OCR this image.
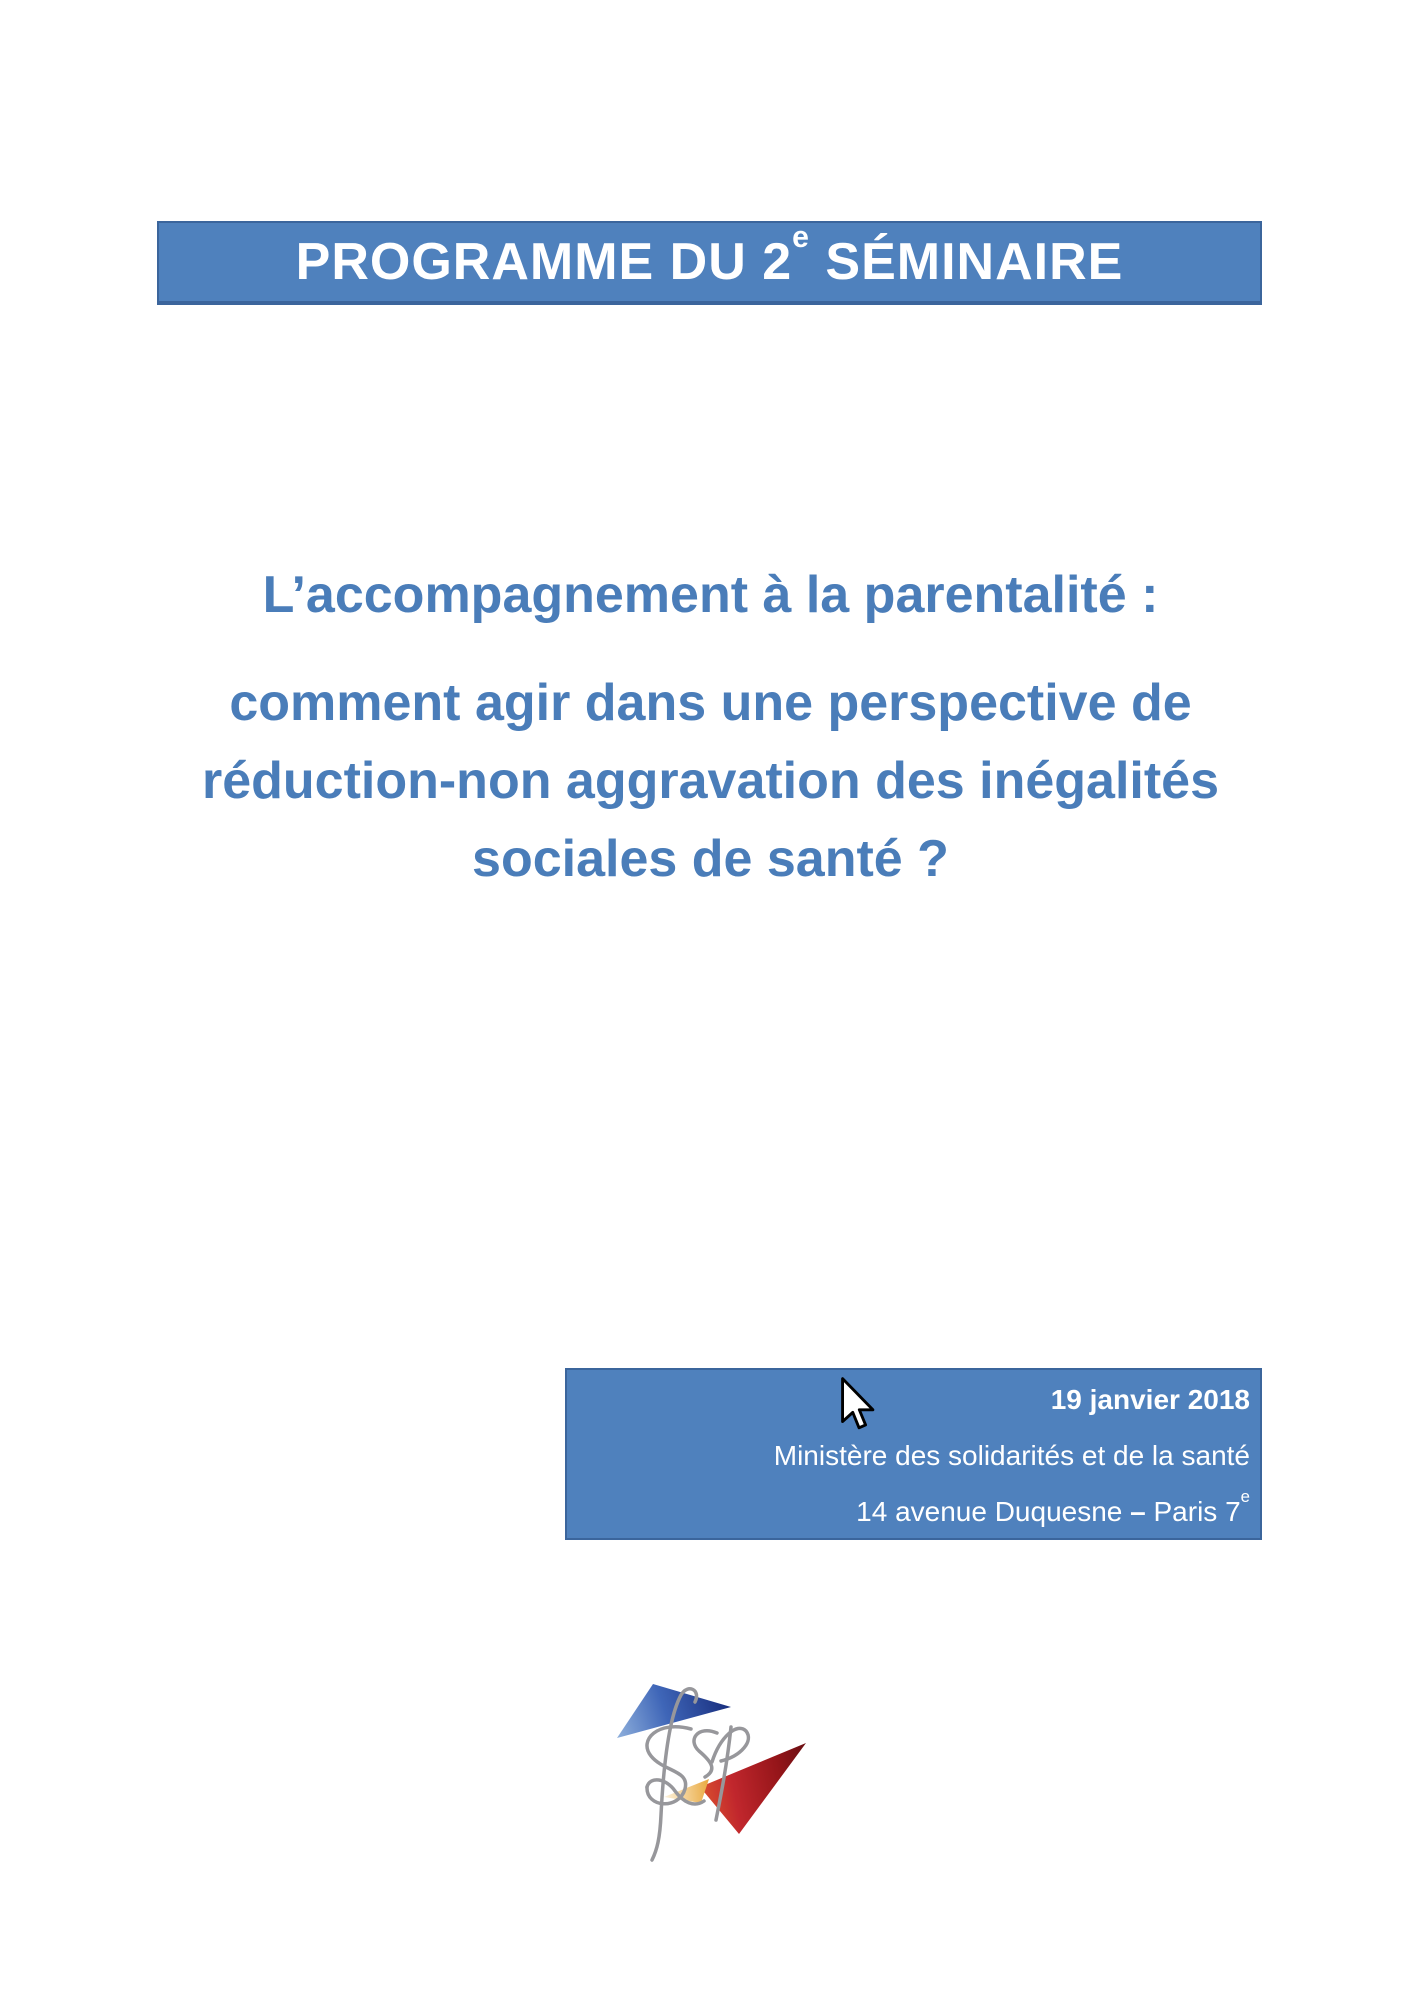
PROGRAMME DU 2e SÉMINAIRE
L’accompagnement à la parentalité :
comment agir dans une perspective de
réduction-non aggravation des inégalités
sociales de santé ?
19 janvier 2018
Ministère des solidarités et de la santé
14 avenue Duquesne – Paris 7e
